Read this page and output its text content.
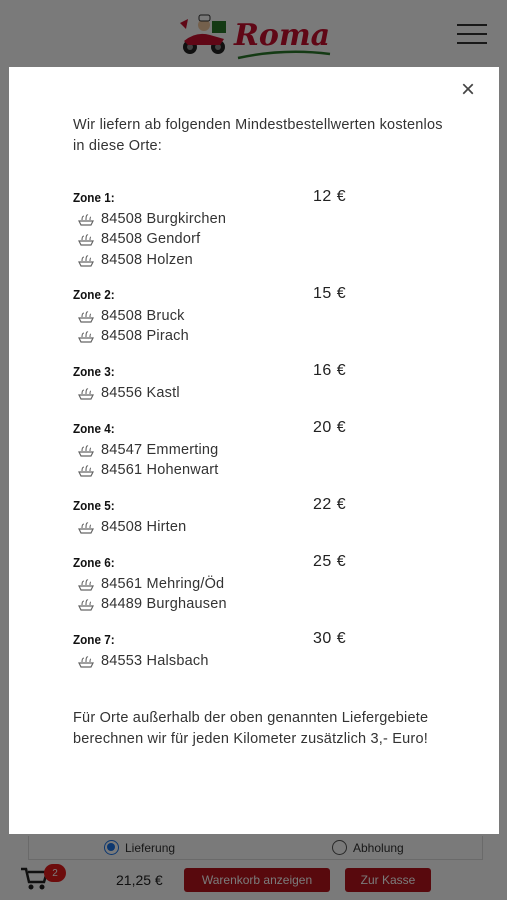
×

Wir liefern ab folgenden Mindestbestellwerten kostenlos in diese Orte:

Zone 1:	12 €
84508 Burgkirchen
84508 Gendorf
84508 Holzen
Zone 2:	15 €
84508 Bruck
84508 Pirach
Zone 3:	16 €
84556 Kastl
Zone 4:	20 €
84547 Emmerting
84561 Hohenwart
Zone 5:	22 €
84508 Hirten
Zone 6:	25 €
84561 Mehring/Öd
84489 Burghausen
Zone 7:	30 €
84553 Halsbach

Für Orte außerhalb der oben genannten Liefergebiete berechnen wir für jeden Kilometer zusätzlich 3,- Euro!
